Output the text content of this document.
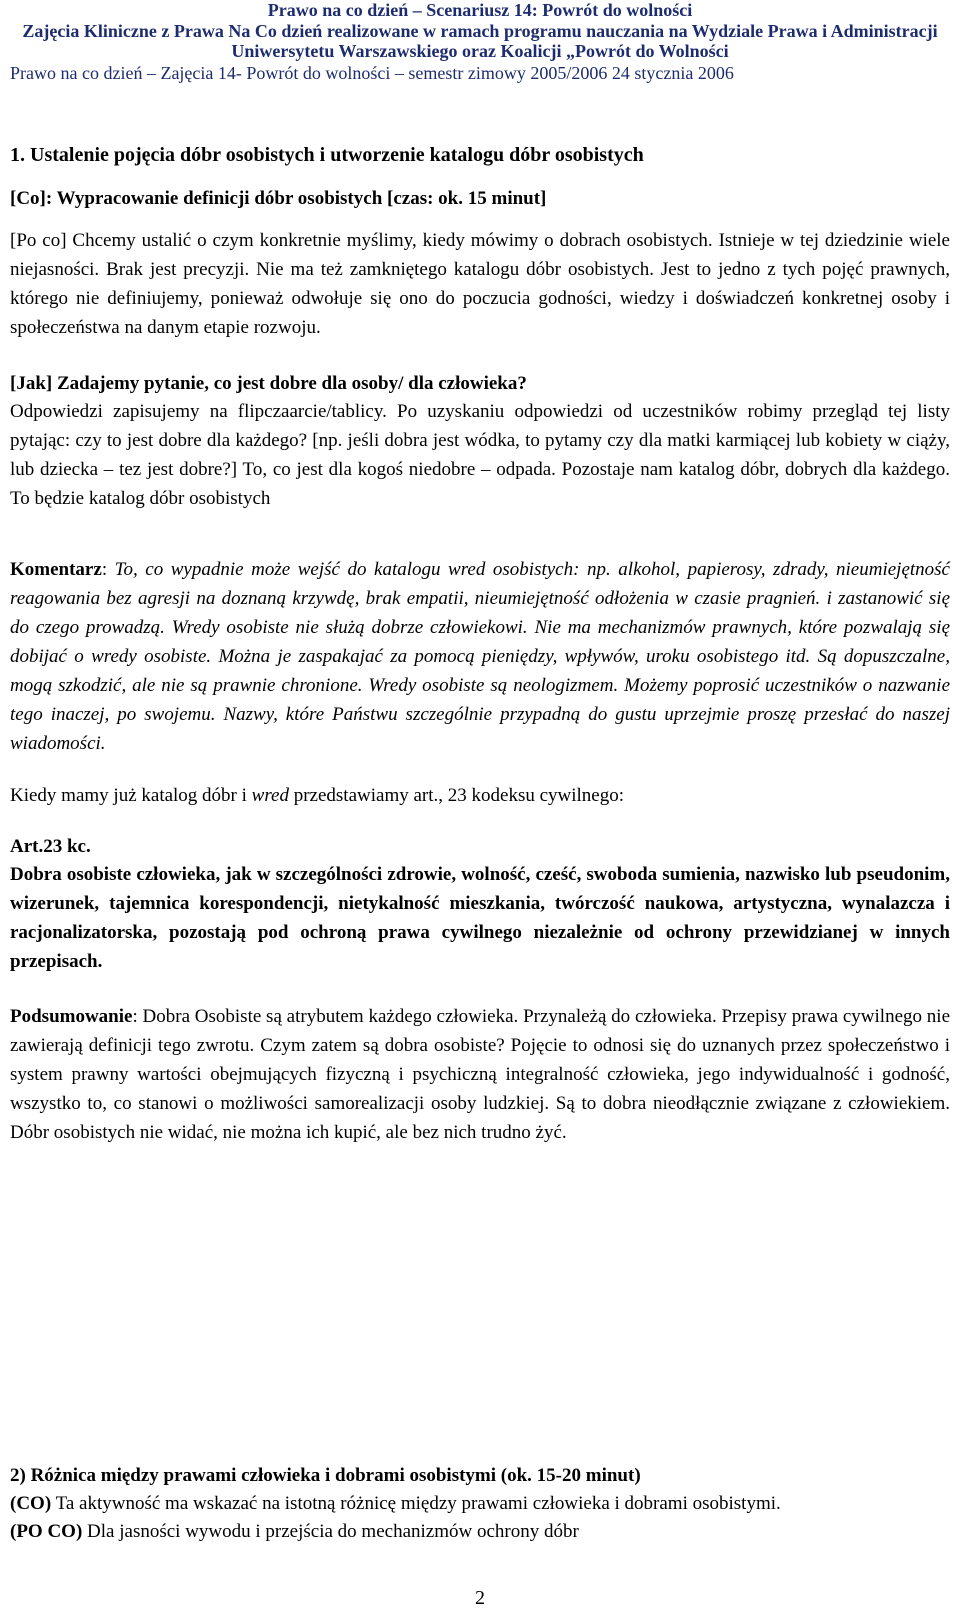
Prawo na co dzień – Scenariusz 14: Powrót do wolności
Zajęcia Kliniczne z Prawa Na Co dzień realizowane w ramach programu nauczania na Wydziale Prawa i Administracji
Uniwersytetu Warszawskiego oraz Koalicji „Powrót do Wolności
Prawo na co dzień – Zajęcia 14- Powrót do wolności – semestr zimowy 2005/2006 24 stycznia 2006

1. Ustalenie pojęcia dóbr osobistych i utworzenie katalogu dóbr osobistych

[Co]: Wypracowanie definicji dóbr osobistych [czas: ok. 15 minut]

[Po co] Chcemy ustalić o czym konkretnie myślimy, kiedy mówimy o dobrach osobistych. Istnieje w tej dziedzinie wiele niejasności. Brak jest precyzji. Nie ma też zamkniętego katalogu dóbr osobistych. Jest to jedno z tych pojęć prawnych, którego nie definiujemy, ponieważ odwołuje się ono do poczucia godności, wiedzy i doświadczeń konkretnej osoby i społeczeństwa na danym etapie rozwoju.

[Jak] Zadajemy pytanie, co jest dobre dla osoby/ dla człowieka?

Odpowiedzi zapisujemy na flipczaarcie/tablicy. Po uzyskaniu odpowiedzi od uczestników robimy przegląd tej listy pytając: czy to jest dobre dla każdego? [np. jeśli dobra jest wódka, to pytamy czy dla matki karmiącej lub kobiety w ciąży, lub dziecka – tez jest dobre?] To, co jest dla kogoś niedobre – odpada. Pozostaje nam katalog dóbr, dobrych dla każdego. To będzie katalog dóbr osobistych

Komentarz: To, co wypadnie może wejść do katalogu wred osobistych: np. alkohol, papierosy, zdrady, nieumiejętność reagowania bez agresji na doznaną krzywdę, brak empatii, nieumiejętność odłożenia w czasie pragnień. i zastanowić się do czego prowadzą. Wredy osobiste nie służą dobrze człowiekowi. Nie ma mechanizmów prawnych, które pozwalają się dobijać o wredy osobiste. Można je zaspakajać za pomocą pieniędzy, wpływów, uroku osobistego itd. Są dopuszczalne, mogą szkodzić, ale nie są prawnie chronione. Wredy osobiste są neologizmem. Możemy poprosić uczestników o nazwanie tego inaczej, po swojemu. Nazwy, które Państwu szczególnie przypadną do gustu uprzejmie proszę przesłać do naszej wiadomości.

Kiedy mamy już katalog dóbr i wred przedstawiamy art., 23 kodeksu cywilnego:

Art.23 kc.

Dobra osobiste człowieka, jak w szczególności zdrowie, wolność, cześć, swoboda sumienia, nazwisko lub pseudonim, wizerunek, tajemnica korespondencji, nietykalność mieszkania, twórczość naukowa, artystyczna, wynalazcza i racjonalizatorska, pozostają pod ochroną prawa cywilnego niezależnie od ochrony przewidzianej w innych przepisach.

Podsumowanie: Dobra Osobiste są atrybutem każdego człowieka. Przynależą do człowieka. Przepisy prawa cywilnego nie zawierają definicji tego zwrotu. Czym zatem są dobra osobiste? Pojęcie to odnosi się do uznanych przez społeczeństwo i system prawny wartości obejmujących fizyczną i psychiczną integralność człowieka, jego indywidualność i godność, wszystko to, co stanowi o możliwości samorealizacji osoby ludzkiej. Są to dobra nieodłącznie związane z człowiekiem. Dóbr osobistych nie widać, nie można ich kupić, ale bez nich trudno żyć.

2) Różnica między prawami człowieka i dobrami osobistymi (ok. 15-20 minut)

(CO) Ta aktywność ma wskazać na istotną różnicę między prawami człowieka i dobrami osobistymi.

(PO CO) Dla jasności wywodu i przejścia do mechanizmów ochrony dóbr

2
